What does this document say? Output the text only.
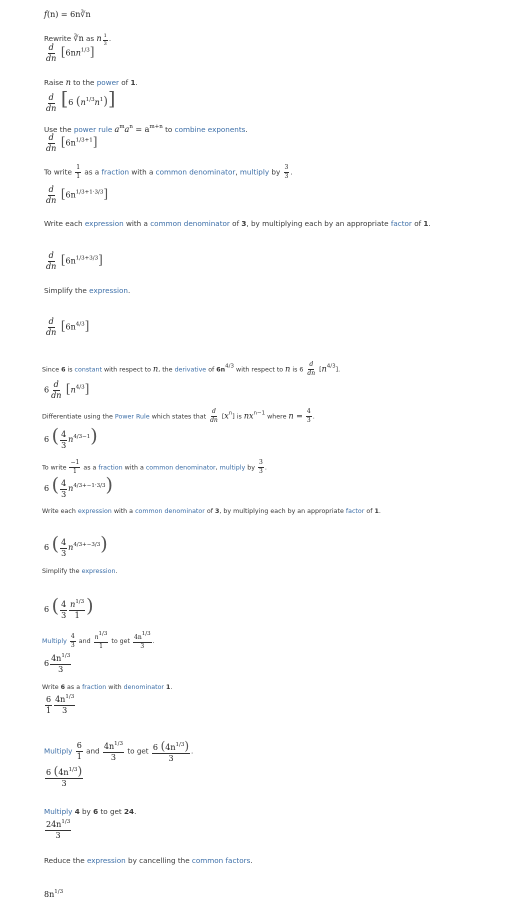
f(n) = 6n∛n
Rewrite ∛n as n $\frac{1}{3}$ .
$\frac{d}{dn} [6nn^{1/3}]$
Raise n to the power of 1.
$\frac{d}{dn} [6$ $(n^{1/3}n^1)$]
Use the power rule $a^ma^n = a^{m+n}$ to combine exponents.
$\frac{d}{dn} [6n^{1/3+1}]$
To write $\frac{1}{1}$ as a fraction with a common denominator, multiply by $\frac{3}{3}$ .
$\frac{d}{dn} [6n^{1/3+1\cdot 3/3}]$
Write each expression with a common denominator of 3, by multiplying each by an appropriate factor of 1.
$\frac{d}{dn} [6n^{1/3+3/3}]$
Simplify the expression.
$\frac{d}{dn} [6n^{4/3}]$
Since 6 is constant with respect to n, the derivative of 6n4/3 with respect to n is $6 \frac{d}{dn} [n4/3]$.
$6 \frac{d}{dn} [n^{4/3}]$
Differentiate using the Power Rule which states that $\frac{d}{dn} [xn]$ is nxn−1 where $n = \frac{4}{3}$ .
6 ( $\frac{4}{3} n^{4/3-1}$)
To write $\frac{-1}{1}$ as a fraction with a common denominator, multiply by $\frac{3}{3}$ .
6 ( $\frac{4}{3} n^{4/3+-1\cdot 3/3}$)
Write each expression with a common denominator of 3, by multiplying each by an appropriate factor of 1.
6 ( $\frac{4}{3} n^{4/3+-3/3}$)
Simplify the expression.
6 ( $\frac{4}{3} \frac{n^{1/3}}{1}$ )
Multiply $\frac{4}{3}$ and $\frac{n1/3}{1}$ to get $\frac{4n1/3}{3}$ .
$6 \frac{4n^{1/3}}{3}$
Write 6 as a fraction with denominator 1.
$\frac{6}{1} \frac{4n^{1/3}}{3}$
Multiply $\frac{6}{1}$ and $\frac{4n^{1/3}}{3}$ to get $\frac{6 (4n^{1/3})}{3}$ .
$\frac{6 (4n^{1/3})}{3}$
Multiply 4 by 6 to get 24.
$\frac{24n^{1/3}}{3}$
Reduce the expression by cancelling the common factors.
$8n^{1/3}$
